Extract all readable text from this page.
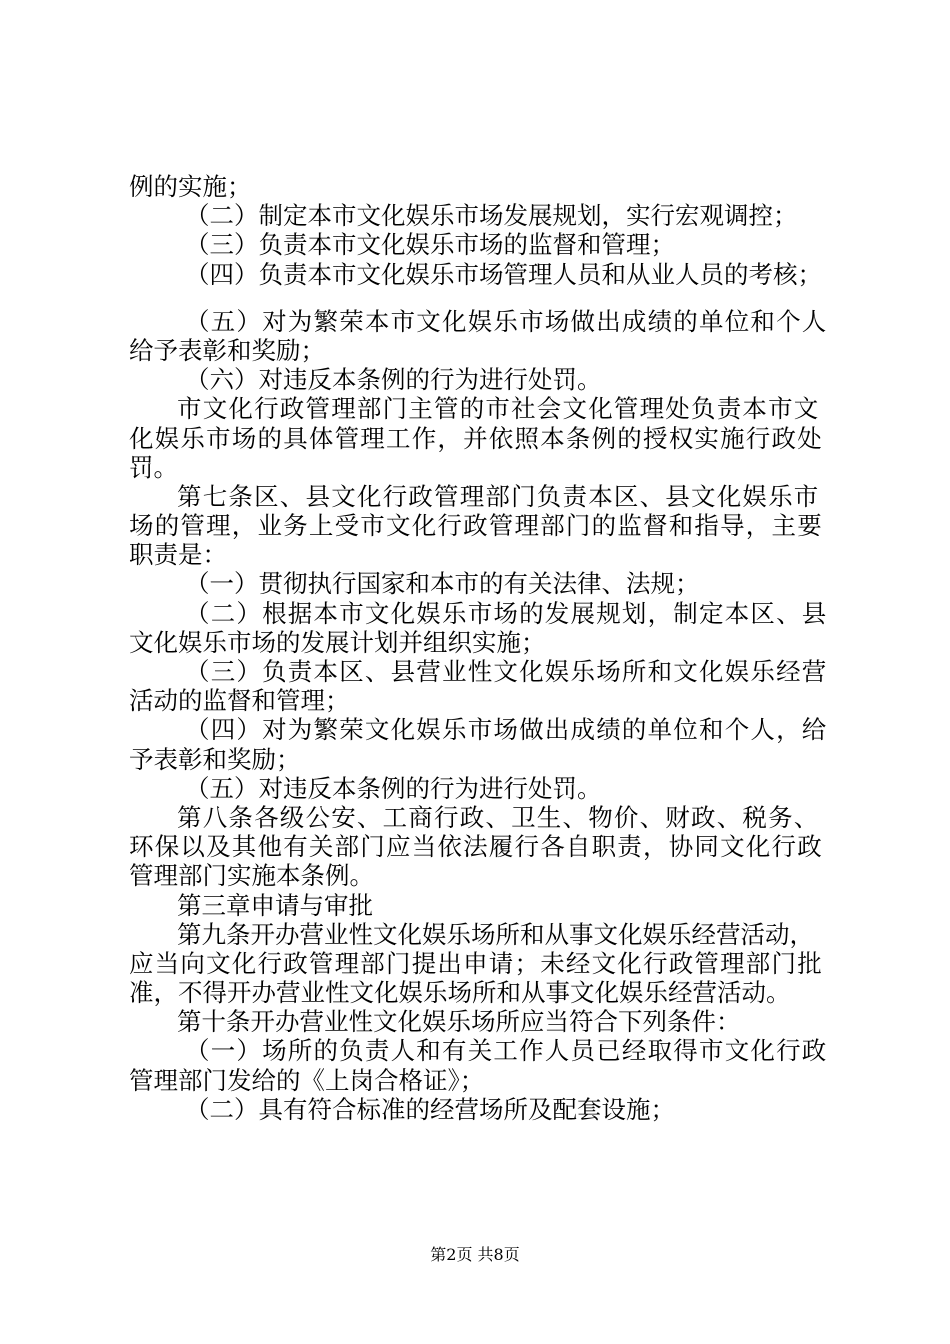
例的实施；
（二）制定本市文化娱乐市场发展规划，实行宏观调控；
（三）负责本市文化娱乐市场的监督和管理；
（四）负责本市文化娱乐市场管理人员和从业人员的考核；
（五）对为繁荣本市文化娱乐市场做出成绩的单位和个人
给予表彰和奖励；
（六）对违反本条例的行为进行处罚。
市文化行政管理部门主管的市社会文化管理处负责本市文
化娱乐市场的具体管理工作，并依照本条例的授权实施行政处
罚。
第七条区、县文化行政管理部门负责本区、县文化娱乐市
场的管理，业务上受市文化行政管理部门的监督和指导，主要
职责是：
（一）贯彻执行国家和本市的有关法律、法规；
（二）根据本市文化娱乐市场的发展规划，制定本区、县
文化娱乐市场的发展计划并组织实施；
（三）负责本区、县营业性文化娱乐场所和文化娱乐经营
活动的监督和管理；
（四）对为繁荣文化娱乐市场做出成绩的单位和个人，给
予表彰和奖励；
（五）对违反本条例的行为进行处罚。
第八条各级公安、工商行政、卫生、物价、财政、税务、
环保以及其他有关部门应当依法履行各自职责，协同文化行政
管理部门实施本条例。
第三章申请与审批
第九条开办营业性文化娱乐场所和从事文化娱乐经营活动，
应当向文化行政管理部门提出申请；未经文化行政管理部门批
准，不得开办营业性文化娱乐场所和从事文化娱乐经营活动。
第十条开办营业性文化娱乐场所应当符合下列条件：
（一）场所的负责人和有关工作人员已经取得市文化行政
管理部门发给的《上岗合格证》；
（二）具有符合标准的经营场所及配套设施；
第2页 共8页
